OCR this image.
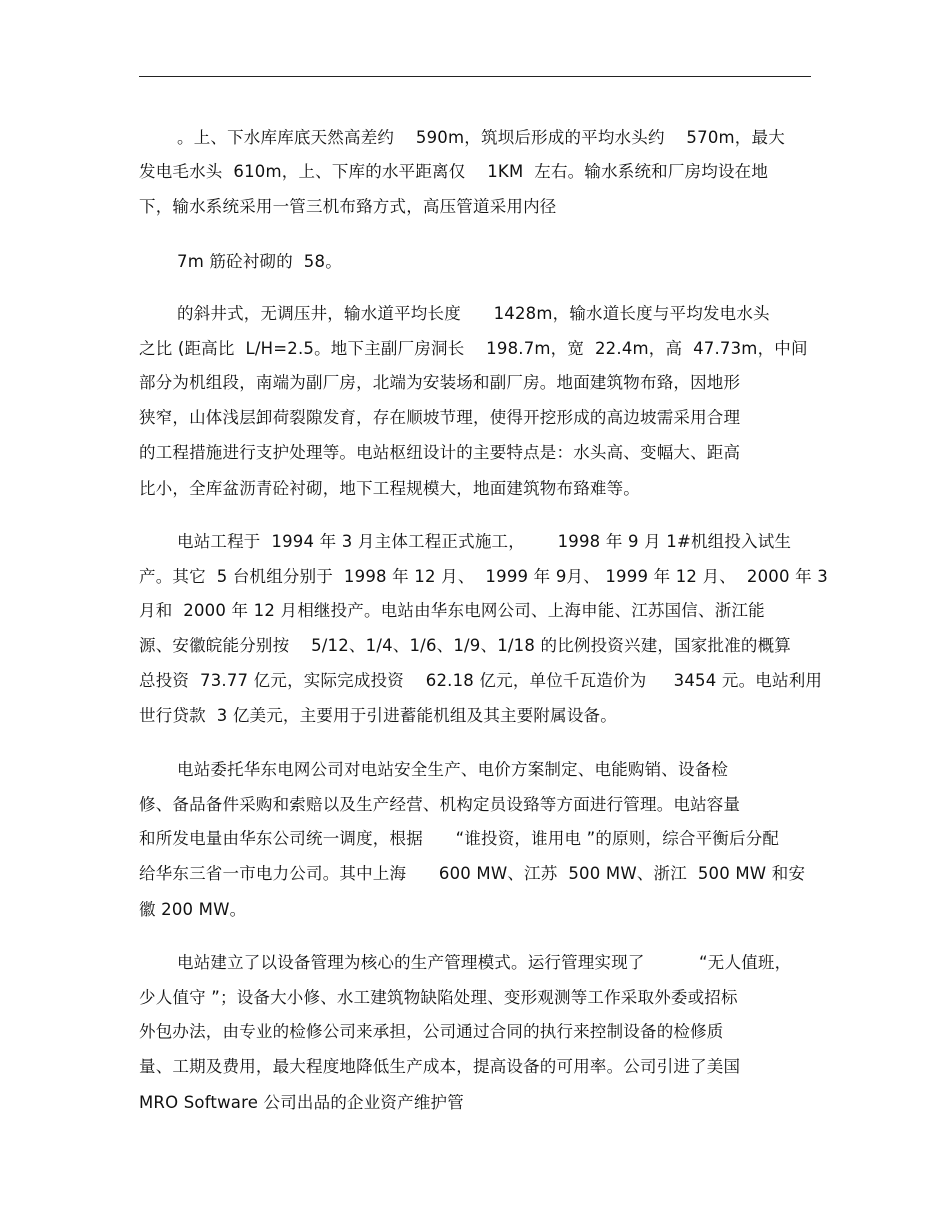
。上、下水库库底天然高差约    590m，筑坝后形成的平均水头约    570m，最大
发电毛水头  610m，上、下库的水平距离仅    1KM  左右。输水系统和厂房均设在地
下，输水系统采用一管三机布臵方式，高压管道采用内径
7m 筋砼衬砌的  58。
的斜井式，无调压井，输水道平均长度      1428m，输水道长度与平均发电水头
之比 (距高比  L/H=2.5。地下主副厂房洞长    198.7m，宽  22.4m，高  47.73m，中间
部分为机组段，南端为副厂房，北端为安装场和副厂房。地面建筑物布臵，因地形
狭窄，山体浅层卸荷裂隙发育，存在顺坡节理，使得开挖形成的高边坡需采用合理
的工程措施进行支护处理等。电站枢纽设计的主要特点是：水头高、变幅大、距高
比小，全库盆沥青砼衬砌，地下工程规模大，地面建筑物布臵难等。
电站工程于  1994 年 3 月主体工程正式施工，      1998 年 9 月 1#机组投入试生
产。其它  5 台机组分别于  1998 年 12 月、  1999 年 9月、 1999 年 12 月、  2000 年 3
月和  2000 年 12 月相继投产。电站由华东电网公司、上海申能、江苏国信、浙江能
源、安徽皖能分别按    5/12、1/4、1/6、1/9、1/18 的比例投资兴建，国家批准的概算
总投资  73.77 亿元，实际完成投资    62.18 亿元，单位千瓦造价为     3454 元。电站利用
世行贷款  3 亿美元，主要用于引进蓄能机组及其主要附属设备。
电站委托华东电网公司对电站安全生产、电价方案制定、电能购销、设备检
修、备品备件采购和索赔以及生产经营、机构定员设臵等方面进行管理。电站容量
和所发电量由华东公司统一调度，根据      “谁投资，谁用电 ”的原则，综合平衡后分配
给华东三省一市电力公司。其中上海      600 MW、江苏  500 MW、浙江  500 MW 和安
徽 200 MW。
电站建立了以设备管理为核心的生产管理模式。运行管理实现了          “无人值班，
少人值守 ”；设备大小修、水工建筑物缺陷处理、变形观测等工作采取外委或招标
外包办法，由专业的检修公司来承担，公司通过合同的执行来控制设备的检修质
量、工期及费用，最大程度地降低生产成本，提高设备的可用率。公司引进了美国
MRO Software 公司出品的企业资产维护管
